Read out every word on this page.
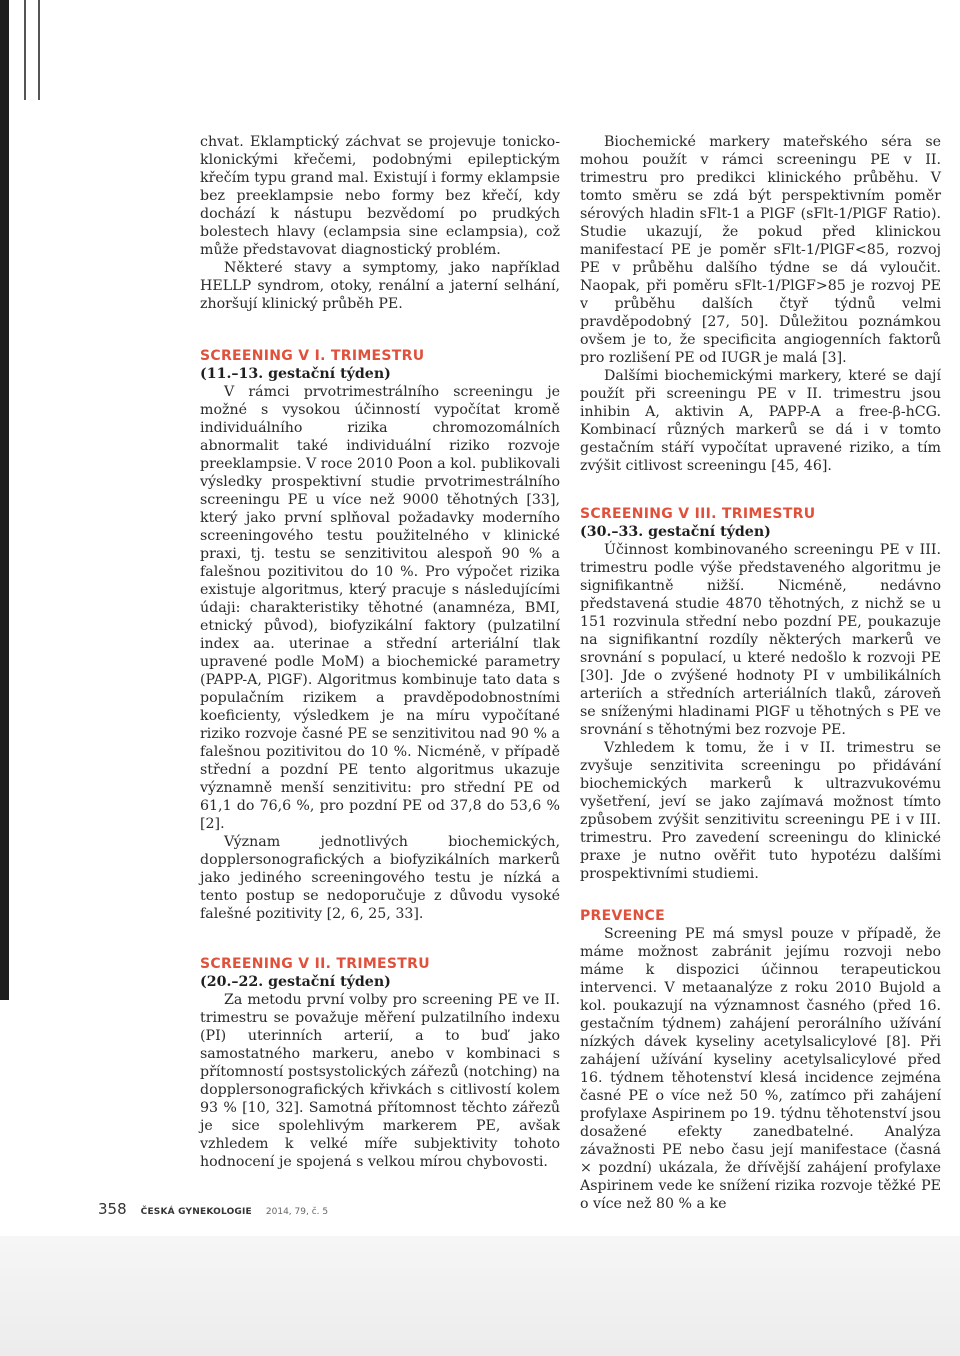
chvat. Eklamptický záchvat se projevuje tonicko-klonickými křečemi, podobnými epileptickým křečím typu grand mal. Existují i formy eklampsie bez preeklampsie nebo formy bez křečí, kdy dochází k nástupu bezvědomí po prudkých bolestech hlavy (eclampsia sine eclampsia), což může představovat diagnostický problém.

Některé stavy a symptomy, jako například HELLP syndrom, otoky, renální a jaterní selhání, zhoršují klinický průběh PE.

SCREENING V I. TRIMESTRU
(11.–13. gestační týden)

V rámci prvotrimestrálního screeningu je možné s vysokou účinností vypočítat kromě individuálního rizika chromozomálních abnormalit také individuální riziko rozvoje preeklampsie. V roce 2010 Poon a kol. publikovali výsledky prospektivní studie prvotrimestrálního screeningu PE u více než 9000 těhotných [33], který jako první splňoval požadavky moderního screeningového testu použitelného v klinické praxi, tj. testu se senzitivitou alespoň 90 % a falešnou pozitivitou do 10 %. Pro výpočet rizika existuje algoritmus, který pracuje s následujícími údaji: charakteristiky těhotné (anamnéza, BMI, etnický původ), biofyzikální faktory (pulzatilní index aa. uterinae a střední arteriální tlak upravené podle MoM) a biochemické parametry (PAPP-A, PlGF). Algoritmus kombinuje tato data s populačním rizikem a pravděpodobnostními koeficienty, výsledkem je na míru vypočítané riziko rozvoje časné PE se senzitivitou nad 90 % a falešnou pozitivitou do 10 %. Nicméně, v případě střední a pozdní PE tento algoritmus ukazuje významně menší senzitivitu: pro střední PE od 61,1 do 76,6 %, pro pozdní PE od 37,8 do 53,6 % [2].

Význam jednotlivých biochemických, dopplersonografických a biofyzikálních markerů jako jediného screeningového testu je nízká a tento postup se nedoporučuje z důvodu vysoké falešné pozitivity [2, 6, 25, 33].

SCREENING V II. TRIMESTRU
(20.–22. gestační týden)

Za metodu první volby pro screening PE ve II. trimestru se považuje měření pulzatilního indexu (PI) uterinních arterií, a to buď jako samostatného markeru, anebo v kombinaci s přítomností postsystolických zářezů (notching) na dopplersonografických křivkách s citlivostí kolem 93 % [10, 32]. Samotná přítomnost těchto zářezů je sice spolehlivým markerem PE, avšak vzhledem k velké míře subjektivity tohoto hodnocení je spojená s velkou mírou chybovosti.

Biochemické markery mateřského séra se mohou použít v rámci screeningu PE v II. trimestru pro predikci klinického průběhu. V tomto směru se zdá být perspektivním poměr sérových hladin sFlt-1 a PlGF (sFlt-1/PlGF Ratio). Studie ukazují, že pokud před klinickou manifestací PE je poměr sFlt-1/PlGF<85, rozvoj PE v průběhu dalšího týdne se dá vyloučit. Naopak, při poměru sFlt-1/PlGF>85 je rozvoj PE v průběhu dalších čtyř týdnů velmi pravděpodobný [27, 50]. Důležitou poznámkou ovšem je to, že specificita angiogenních faktorů pro rozlišení PE od IUGR je malá [3].

Dalšími biochemickými markery, které se dají použít při screeningu PE v II. trimestru jsou inhibin A, aktivin A, PAPP-A a free-β-hCG. Kombinací různých markerů se dá i v tomto gestačním stáří vypočítat upravené riziko, a tím zvýšit citlivost screeningu [45, 46].

SCREENING V III. TRIMESTRU
(30.–33. gestační týden)

Účinnost kombinovaného screeningu PE v III. trimestru podle výše představeného algoritmu je signifikantně nižší. Nicméně, nedávno představená studie 4870 těhotných, z nichž se u 151 rozvinula střední nebo pozdní PE, poukazuje na signifikantní rozdíly některých markerů ve srovnání s populací, u které nedošlo k rozvoji PE [30]. Jde o zvýšené hodnoty PI v umbilikálních arteriích a středních arteriálních tlaků, zároveň se sníženými hladinami PlGF u těhotných s PE ve srovnání s těhotnými bez rozvoje PE.

Vzhledem k tomu, že i v II. trimestru se zvyšuje senzitivita screeningu po přidávání biochemických markerů k ultrazvukovému vyšetření, jeví se jako zajímavá možnost tímto způsobem zvýšit senzitivitu screeningu PE i v III. trimestru. Pro zavedení screeningu do klinické praxe je nutno ověřit tuto hypotézu dalšími prospektivními studiemi.

PREVENCE

Screening PE má smysl pouze v případě, že máme možnost zabránit jejímu rozvoji nebo máme k dispozici účinnou terapeutickou intervenci. V metaanalýze z roku 2010 Bujold a kol. poukazují na významnost časného (před 16. gestačním týdnem) zahájení perorálního užívání nízkých dávek kyseliny acetylsalicylové [8]. Při zahájení užívání kyseliny acetylsalicylové před 16. týdnem těhotenství klesá incidence zejména časné PE o více než 50 %, zatímco při zahájení profylaxe Aspirinem po 19. týdnu těhotenství jsou dosažené efekty zanedbatelné. Analýza závažnosti PE nebo času její manifestace (časná × pozdní) ukázala, že dřívější zahájení profylaxe Aspirinem vede ke snížení rizika rozvoje těžké PE o více než 80 % a ke

358 ČESKÁ GYNEKOLOGIE 2014, 79, č. 5
